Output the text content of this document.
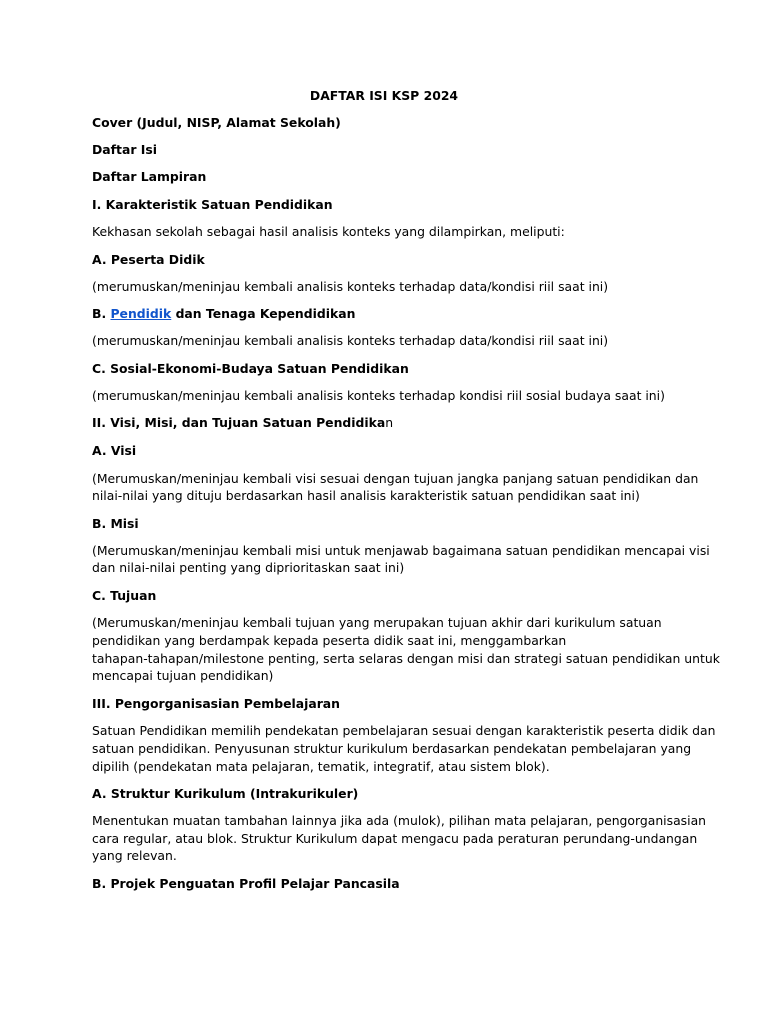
DAFTAR ISI KSP 2024
Cover (Judul, NISP, Alamat Sekolah)
Daftar Isi
Daftar Lampiran
I. Karakteristik Satuan Pendidikan
Kekhasan sekolah sebagai hasil analisis konteks yang dilampirkan, meliputi:
A. Peserta Didik
(merumuskan/meninjau kembali analisis konteks terhadap data/kondisi riil saat ini)
B. Pendidik dan Tenaga Kependidikan
(merumuskan/meninjau kembali analisis konteks terhadap data/kondisi riil saat ini)
C. Sosial-Ekonomi-Budaya Satuan Pendidikan
(merumuskan/meninjau kembali analisis konteks terhadap kondisi riil sosial budaya saat ini)
II. Visi, Misi, dan Tujuan Satuan Pendidikan
A. Visi
(Merumuskan/meninjau kembali visi sesuai dengan tujuan jangka panjang satuan pendidikan dan
nilai-nilai yang dituju berdasarkan hasil analisis karakteristik satuan pendidikan saat ini)
B. Misi
(Merumuskan/meninjau kembali misi untuk menjawab bagaimana satuan pendidikan mencapai visi
dan nilai-nilai penting yang diprioritaskan saat ini)
C. Tujuan
(Merumuskan/meninjau kembali tujuan yang merupakan tujuan akhir dari kurikulum satuan
pendidikan yang berdampak kepada peserta didik saat ini, menggambarkan
tahapan-tahapan/milestone penting, serta selaras dengan misi dan strategi satuan pendidikan untuk
mencapai tujuan pendidikan)
III. Pengorganisasian Pembelajaran
Satuan Pendidikan memilih pendekatan pembelajaran sesuai dengan karakteristik peserta didik dan
satuan pendidikan. Penyusunan struktur kurikulum berdasarkan pendekatan pembelajaran yang
dipilih (pendekatan mata pelajaran, tematik, integratif, atau sistem blok).
A. Struktur Kurikulum (Intrakurikuler)
Menentukan muatan tambahan lainnya jika ada (mulok), pilihan mata pelajaran, pengorganisasian
cara regular, atau blok. Struktur Kurikulum dapat mengacu pada peraturan perundang-undangan
yang relevan.
B. Projek Penguatan Profil Pelajar Pancasila
